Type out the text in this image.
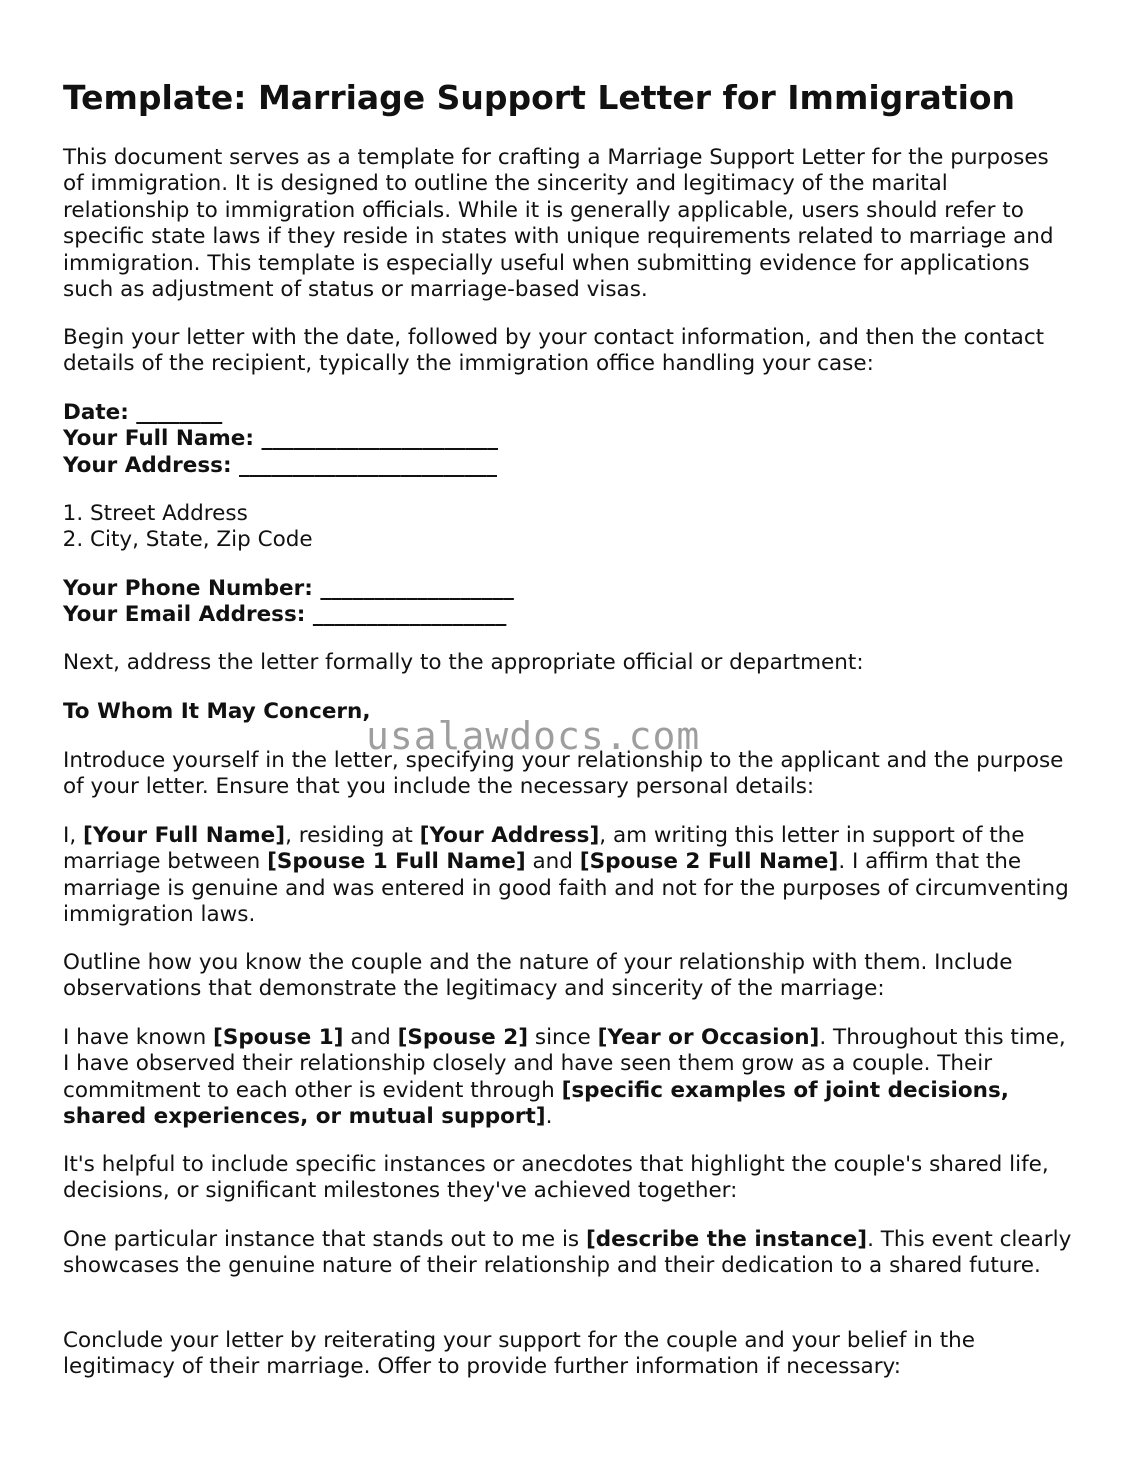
Template: Marriage Support Letter for Immigration

This document serves as a template for crafting a Marriage Support Letter for the purposes of immigration. It is designed to outline the sincerity and legitimacy of the marital relationship to immigration officials. While it is generally applicable, users should refer to specific state laws if they reside in states with unique requirements related to marriage and immigration. This template is especially useful when submitting evidence for applications such as adjustment of status or marriage-based visas.

Begin your letter with the date, followed by your contact information, and then the contact details of the recipient, typically the immigration office handling your case:

Date: ________
Your Full Name: ______________________
Your Address: ________________________
1. Street Address
2. City, State, Zip Code
Your Phone Number: __________________
Your Email Address: __________________

Next, address the letter formally to the appropriate official or department:

To Whom It May Concern,

Introduce yourself in the letter, specifying your relationship to the applicant and the purpose of your letter. Ensure that you include the necessary personal details:

I, [Your Full Name], residing at [Your Address], am writing this letter in support of the marriage between [Spouse 1 Full Name] and [Spouse 2 Full Name]. I affirm that the marriage is genuine and was entered in good faith and not for the purposes of circumventing immigration laws.

Outline how you know the couple and the nature of your relationship with them. Include observations that demonstrate the legitimacy and sincerity of the marriage:

I have known [Spouse 1] and [Spouse 2] since [Year or Occasion]. Throughout this time, I have observed their relationship closely and have seen them grow as a couple. Their commitment to each other is evident through [specific examples of joint decisions, shared experiences, or mutual support].

It's helpful to include specific instances or anecdotes that highlight the couple's shared life, decisions, or significant milestones they've achieved together:

One particular instance that stands out to me is [describe the instance]. This event clearly showcases the genuine nature of their relationship and their dedication to a shared future.

Conclude your letter by reiterating your support for the couple and your belief in the legitimacy of their marriage. Offer to provide further information if necessary:

usalawdocs.com
